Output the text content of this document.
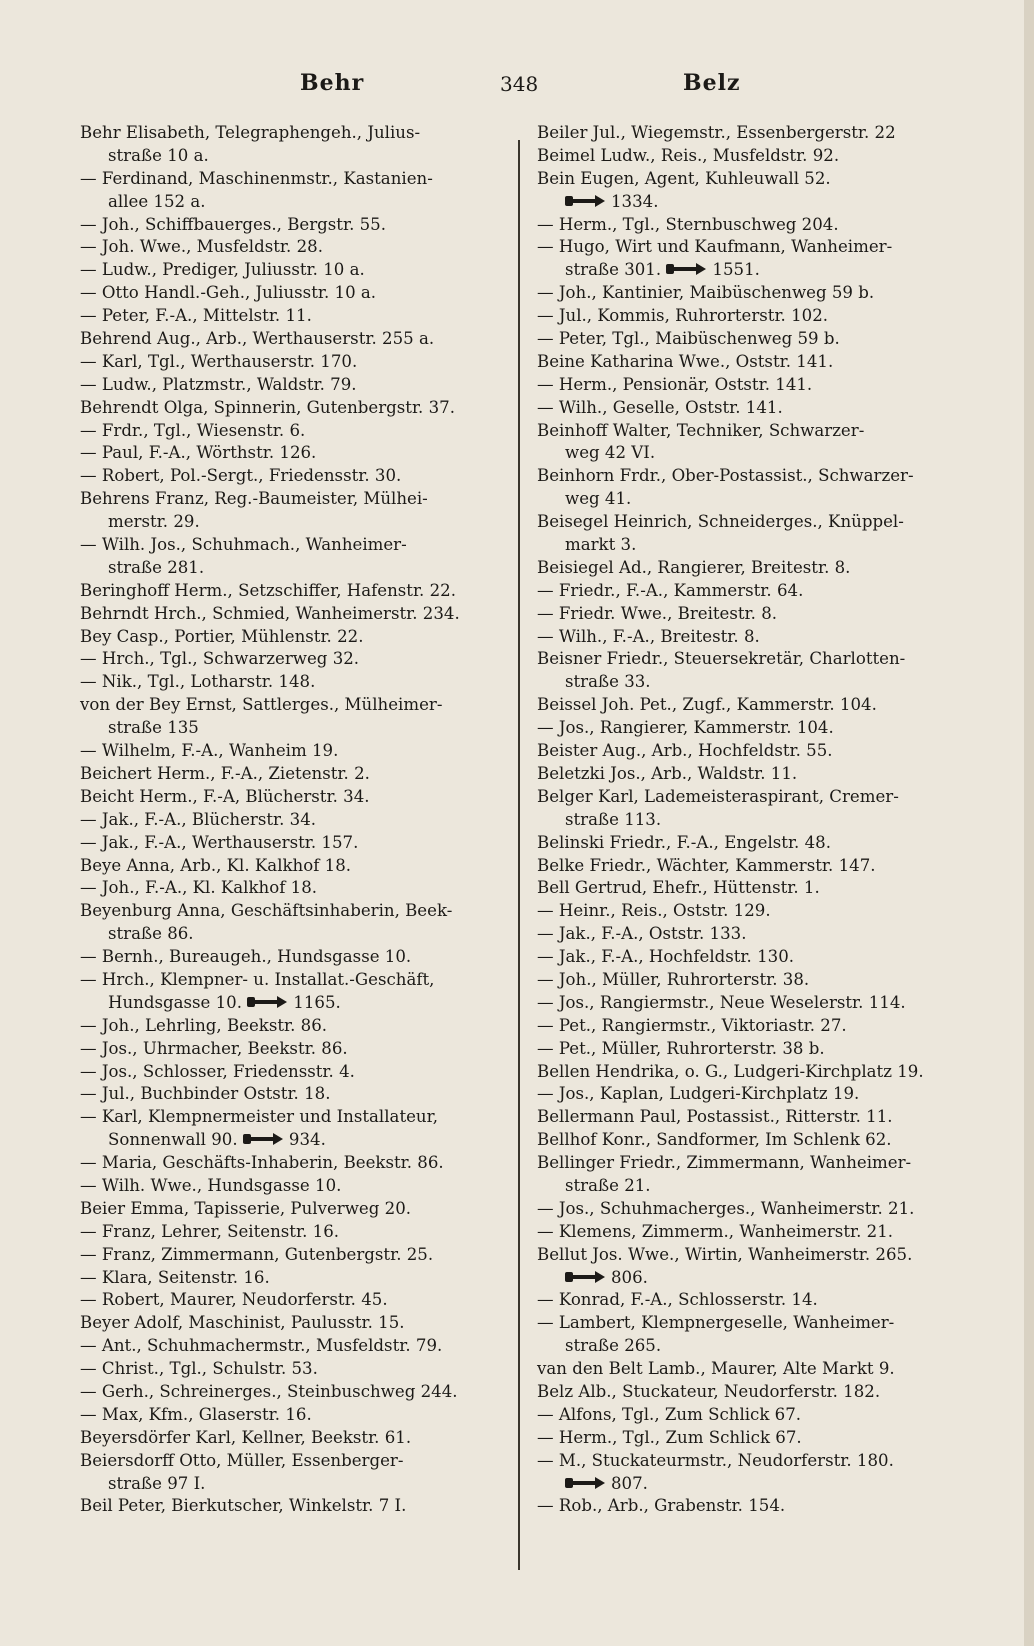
Behr	348	Belz
Behr Elisabeth, Telegraphengeh., Julius-
straße 10 a.
— Ferdinand, Maschinenmstr., Kastanien-
allee 152 a.
— Joh., Schiffbauerges., Bergstr. 55.
— Joh. Wwe., Musfeldstr. 28.
— Ludw., Prediger, Juliusstr. 10 a.
— Otto Handl.-Geh., Juliusstr. 10 a.
— Peter, F.-A., Mittelstr. 11.
Behrend Aug., Arb., Werthauserstr. 255 a.
— Karl, Tgl., Werthauserstr. 170.
— Ludw., Platzmstr., Waldstr. 79.
Behrendt Olga, Spinnerin, Gutenbergstr. 37.
— Frdr., Tgl., Wiesenstr. 6.
— Paul, F.-A., Wörthstr. 126.
— Robert, Pol.-Sergt., Friedensstr. 30.
Behrens Franz, Reg.-Baumeister, Mülhei-
merstr. 29.
— Wilh. Jos., Schuhmach., Wanheimer-
straße 281.
Beringhoff Herm., Setzschiffer, Hafenstr. 22.
Behrndt Hrch., Schmied, Wanheimerstr. 234.
Bey Casp., Portier, Mühlenstr. 22.
— Hrch., Tgl., Schwarzerweg 32.
— Nik., Tgl., Lotharstr. 148.
von der Bey Ernst, Sattlerges., Mülheimer-
straße 135
— Wilhelm, F.-A., Wanheim 19.
Beichert Herm., F.-A., Zietenstr. 2.
Beicht Herm., F.-A, Blücherstr. 34.
— Jak., F.-A., Blücherstr. 34.
— Jak., F.-A., Werthauserstr. 157.
Beye Anna, Arb., Kl. Kalkhof 18.
— Joh., F.-A., Kl. Kalkhof 18.
Beyenburg Anna, Geschäftsinhaberin, Beek-
straße 86.
— Bernh., Bureaugeh., Hundsgasse 10.
— Hrch., Klempner- u. Installat.-Geschäft,
Hundsgasse 10.	1165.
— Joh., Lehrling, Beekstr. 86.
— Jos., Uhrmacher, Beekstr. 86.
— Jos., Schlosser, Friedensstr. 4.
— Jul., Buchbinder Oststr. 18.
— Karl, Klempnermeister und Installateur,
Sonnenwall 90.	934.
— Maria, Geschäfts-Inhaberin, Beekstr. 86.
— Wilh. Wwe., Hundsgasse 10.
Beier Emma, Tapisserie, Pulverweg 20.
— Franz, Lehrer, Seitenstr. 16.
— Franz, Zimmermann, Gutenbergstr. 25.
— Klara, Seitenstr. 16.
— Robert, Maurer, Neudorferstr. 45.
Beyer Adolf, Maschinist, Paulusstr. 15.
— Ant., Schuhmachermstr., Musfeldstr. 79.
— Christ., Tgl., Schulstr. 53.
— Gerh., Schreinerges., Steinbuschweg 244.
— Max, Kfm., Glaserstr. 16.
Beyersdörfer Karl, Kellner, Beekstr. 61.
Beiersdorff Otto, Müller, Essenberger-
straße 97 I.
Beil Peter, Bierkutscher, Winkelstr. 7 I.
Beiler Jul., Wiegemstr., Essenbergerstr. 22
Beimel Ludw., Reis., Musfeldstr. 92.
Bein Eugen, Agent, Kuhleuwall 52.
1334.
— Herm., Tgl., Sternbuschweg 204.
— Hugo, Wirt und Kaufmann, Wanheimer-
straße 301.	1551.
— Joh., Kantinier, Maibüschenweg 59 b.
— Jul., Kommis, Ruhrorterstr. 102.
— Peter, Tgl., Maibüschenweg 59 b.
Beine Katharina Wwe., Oststr. 141.
— Herm., Pensionär, Oststr. 141.
— Wilh., Geselle, Oststr. 141.
Beinhoff Walter, Techniker, Schwarzer-
weg 42 VI.
Beinhorn Frdr., Ober-Postassist., Schwarzer-
weg 41.
Beisegel Heinrich, Schneiderges., Knüppel-
markt 3.
Beisiegel Ad., Rangierer, Breitestr. 8.
— Friedr., F.-A., Kammerstr. 64.
— Friedr. Wwe., Breitestr. 8.
— Wilh., F.-A., Breitestr. 8.
Beisner Friedr., Steuersekretär, Charlotten-
straße 33.
Beissel Joh. Pet., Zugf., Kammerstr. 104.
— Jos., Rangierer, Kammerstr. 104.
Beister Aug., Arb., Hochfeldstr. 55.
Beletzki Jos., Arb., Waldstr. 11.
Belger Karl, Lademeisteraspirant, Cremer-
straße 113.
Belinski Friedr., F.-A., Engelstr. 48.
Belke Friedr., Wächter, Kammerstr. 147.
Bell Gertrud, Ehefr., Hüttenstr. 1.
— Heinr., Reis., Oststr. 129.
— Jak., F.-A., Oststr. 133.
— Jak., F.-A., Hochfeldstr. 130.
— Joh., Müller, Ruhrorterstr. 38.
— Jos., Rangiermstr., Neue Weselerstr. 114.
— Pet., Rangiermstr., Viktoriastr. 27.
— Pet., Müller, Ruhrorterstr. 38 b.
Bellen Hendrika, o. G., Ludgeri-Kirchplatz 19.
— Jos., Kaplan, Ludgeri-Kirchplatz 19.
Bellermann Paul, Postassist., Ritterstr. 11.
Bellhof Konr., Sandformer, Im Schlenk 62.
Bellinger Friedr., Zimmermann, Wanheimer-
straße 21.
— Jos., Schuhmacherges., Wanheimerstr. 21.
— Klemens, Zimmerm., Wanheimerstr. 21.
Bellut Jos. Wwe., Wirtin, Wanheimerstr. 265.
806.
— Konrad, F.-A., Schlosserstr. 14.
— Lambert, Klempnergeselle, Wanheimer-
straße 265.
van den Belt Lamb., Maurer, Alte Markt 9.
Belz Alb., Stuckateur, Neudorferstr. 182.
— Alfons, Tgl., Zum Schlick 67.
— Herm., Tgl., Zum Schlick 67.
— M., Stuckateurmstr., Neudorferstr. 180.
807.
— Rob., Arb., Grabenstr. 154.
